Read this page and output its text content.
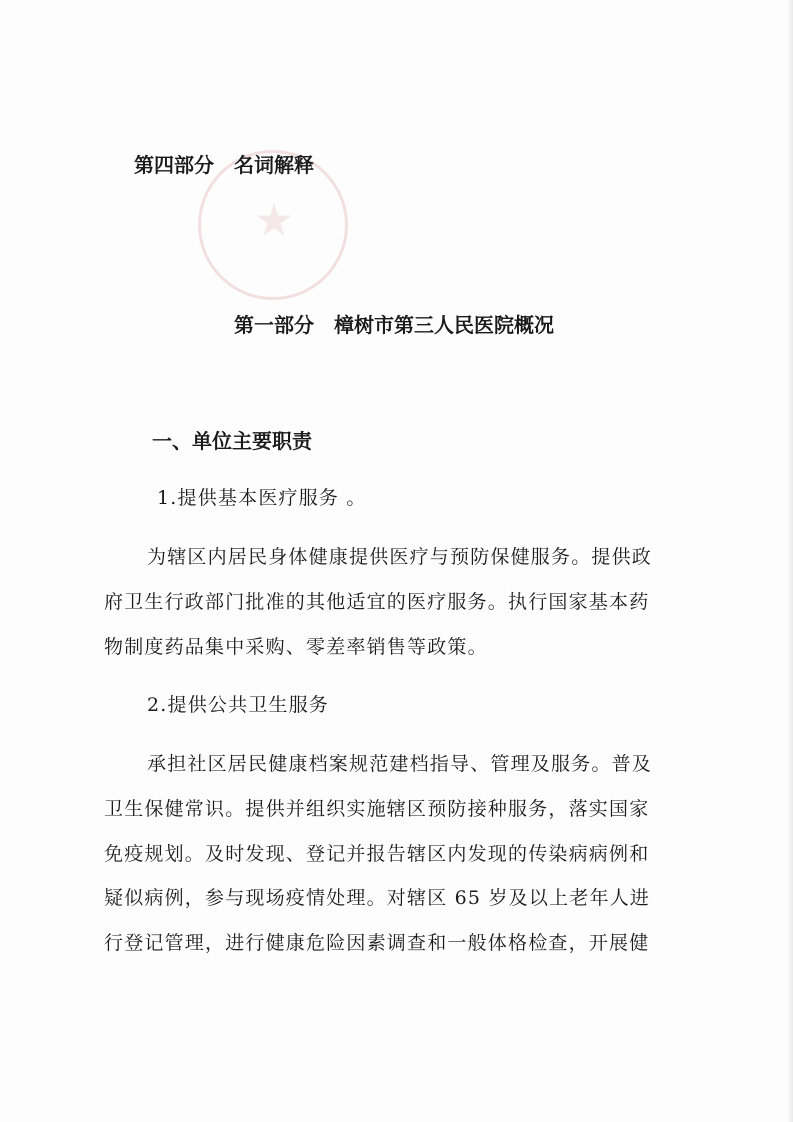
第四部分　名词解释
第一部分　樟树市第三人民医院概况
一、单位主要职责
1.提供基本医疗服务 。
为辖区内居民身体健康提供医疗与预防保健服务。提供政
府卫生行政部门批准的其他适宜的医疗服务。执行国家基本药
物制度药品集中采购、零差率销售等政策。
2.提供公共卫生服务
承担社区居民健康档案规范建档指导、管理及服务。普及
卫生保健常识。提供并组织实施辖区预防接种服务，落实国家
免疫规划。及时发现、登记并报告辖区内发现的传染病病例和
疑似病例，参与现场疫情处理。对辖区 65 岁及以上老年人进
行登记管理，进行健康危险因素调查和一般体格检查，开展健
